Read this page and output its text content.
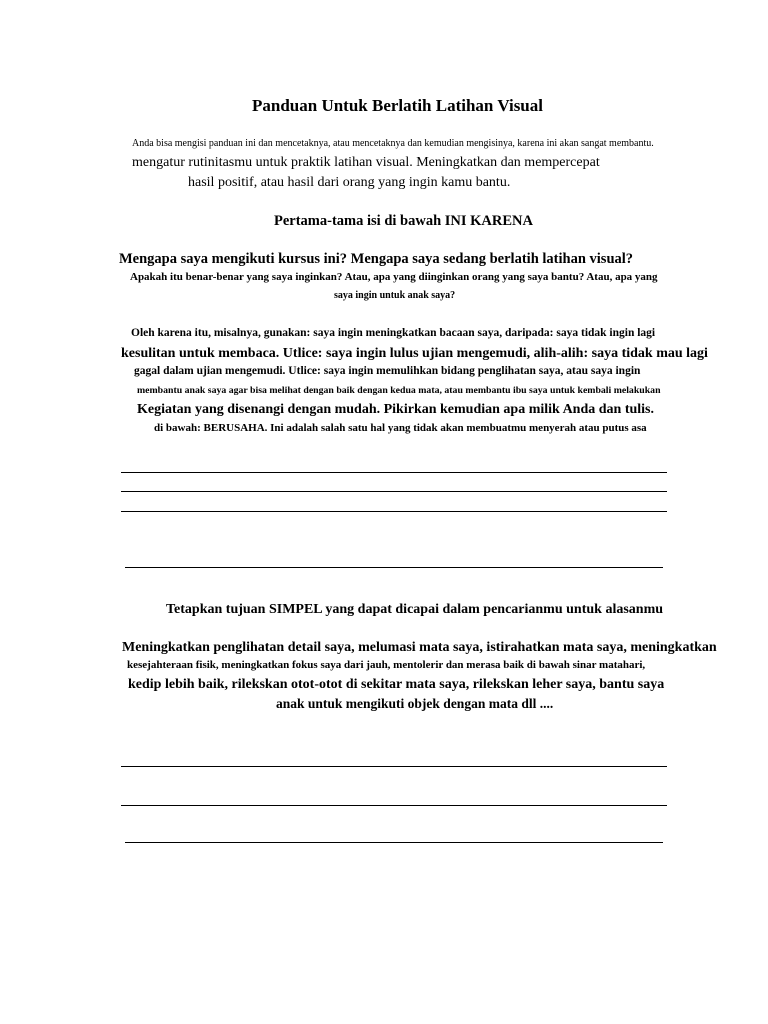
Panduan Untuk Berlatih Latihan Visual
Anda bisa mengisi panduan ini dan mencetaknya, atau mencetaknya dan kemudian mengisinya, karena ini akan sangat membantu.
mengatur rutinitasmu untuk praktik latihan visual. Meningkatkan dan mempercepat
hasil positif, atau hasil dari orang yang ingin kamu bantu.
Pertama-tama isi di bawah INI KARENA
Mengapa saya mengikuti kursus ini? Mengapa saya sedang berlatih latihan visual?
Apakah itu benar-benar yang saya inginkan? Atau, apa yang diinginkan orang yang saya bantu? Atau, apa yang
saya ingin untuk anak saya?
Oleh karena itu, misalnya, gunakan: saya ingin meningkatkan bacaan saya, daripada: saya tidak ingin lagi
kesulitan untuk membaca. Utlice: saya ingin lulus ujian mengemudi, alih-alih: saya tidak mau lagi
gagal dalam ujian mengemudi. Utlice: saya ingin memulihkan bidang penglihatan saya, atau saya ingin
membantu anak saya agar bisa melihat dengan baik dengan kedua mata, atau membantu ibu saya untuk kembali melakukan
Kegiatan yang disenangi dengan mudah. Pikirkan kemudian apa milik Anda dan tulis.
di bawah: BERUSAHA. Ini adalah salah satu hal yang tidak akan membuatmu menyerah atau putus asa
Tetapkan tujuan SIMPEL yang dapat dicapai dalam pencarianmu untuk alasanmu
Meningkatkan penglihatan detail saya, melumasi mata saya, istirahatkan mata saya, meningkatkan
kesejahteraan fisik, meningkatkan fokus saya dari jauh, mentolerir dan merasa baik di bawah sinar matahari,
kedip lebih baik, rilekskan otot-otot di sekitar mata saya, rilekskan leher saya, bantu saya
anak untuk mengikuti objek dengan mata dll ....
